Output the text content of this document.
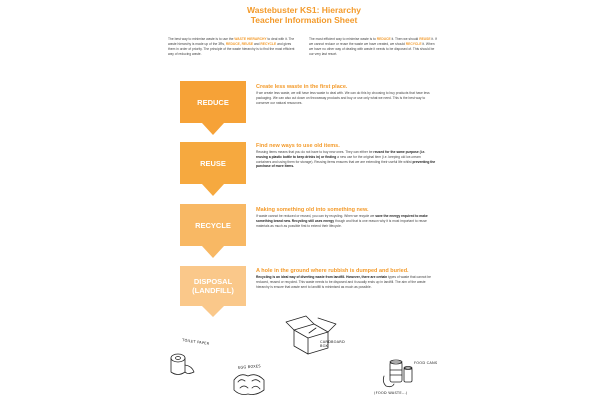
Wastebuster KS1: Hierarchy
Teacher Information Sheet
The best way to minimise waste is to use the WASTE HIERARCHY to deal with it. The waste hierarchy is made up of the 3Rs, REDUCE, REUSE and RECYCLE and gives them in order of priority. The principle of the waste hierarchy is to find the most efficient way of reducing waste.
The most efficient way to minimise waste is to REDUCE it. Then we should REUSE it. If we cannot reduce or reuse the waste we have created, we should RECYCLE it. When we have no other way of dealing with waste it needs to be disposed of. This should be our very last resort.
REDUCE
Create less waste in the first place.
If we create less waste, we will have less waste to deal with. We can do this by choosing to buy products that have less packaging. We can also cut down on throwaway products and buy or use only what we need. This is the best way to conserve our natural resources.
REUSE
Find new ways to use old items.
Reusing items means that you do not have to buy new ones. They can either be reused for the same purpose (i.e. reusing a plastic bottle to keep drinks in) or finding a new use for the original item (i.e. keeping old ice-cream containers and using them for storage). Reusing items ensures that we are extending their useful life whilst preventing the purchase of more items.
RECYCLE
Making something old into something new.
If waste cannot be reduced or reused, you can try recycling. When we recycle we save the energy required to make something brand new. Recycling still uses energy though and that is one reason why it is most important to reuse materials as much as possible first to extend their lifecycle.
DISPOSAL (LANDFILL)
A hole in the ground where rubbish is dumped and buried.
Recycling is an ideal way of diverting waste from landfill. However, there are certain types of waste that cannot be reduced, reused or recycled. This waste needs to be disposed and it usually ends up in landfill. The aim of the waste hierarchy is ensure that waste sent to landfill is minimised as much as possible.
TOILET PAPER	CARDBOARD BOX
EGG BOXES
FOOD CANS
(FOOD WASTE...)
